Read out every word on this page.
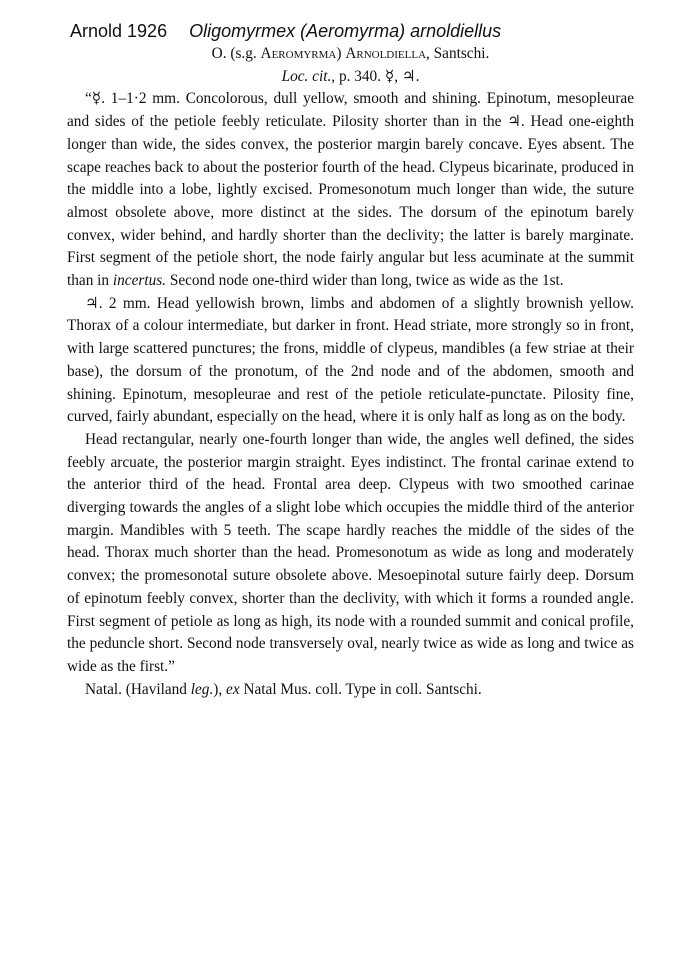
Arnold 1926 Oligomyrmex (Aeromyrma) arnoldiellus

O. (s.g. Aeromyrma) Arnoldiella, Santschi.

Loc. cit., p. 340. ☿, ♃.

“☿. 1–1·2 mm. Concolorous, dull yellow, smooth and shining. Epinotum, mesopleurae and sides of the petiole feebly reticulate. Pilosity shorter than in the ♃. Head one-eighth longer than wide, the sides convex, the posterior margin barely concave. Eyes absent. The scape reaches back to about the posterior fourth of the head. Clypeus bicarinate, produced in the middle into a lobe, lightly excised. Promesonotum much longer than wide, the suture almost obsolete above, more distinct at the sides. The dorsum of the epinotum barely convex, wider behind, and hardly shorter than the declivity; the latter is barely marginate. First segment of the petiole short, the node fairly angular but less acuminate at the summit than in incertus. Second node one-third wider than long, twice as wide as the 1st.

♃. 2 mm. Head yellowish brown, limbs and abdomen of a slightly brownish yellow. Thorax of a colour intermediate, but darker in front. Head striate, more strongly so in front, with large scattered punctures; the frons, middle of clypeus, mandibles (a few striae at their base), the dorsum of the pronotum, of the 2nd node and of the abdomen, smooth and shining. Epinotum, mesopleurae and rest of the petiole reticulate-punctate. Pilosity fine, curved, fairly abundant, especially on the head, where it is only half as long as on the body.

Head rectangular, nearly one-fourth longer than wide, the angles well defined, the sides feebly arcuate, the posterior margin straight. Eyes indistinct. The frontal carinae extend to the anterior third of the head. Frontal area deep. Clypeus with two smoothed carinae diverging towards the angles of a slight lobe which occupies the middle third of the anterior margin. Mandibles with 5 teeth. The scape hardly reaches the middle of the sides of the head. Thorax much shorter than the head. Promesonotum as wide as long and moderately convex; the promesonotal suture obsolete above. Mesoepinotal suture fairly deep. Dorsum of epinotum feebly convex, shorter than the declivity, with which it forms a rounded angle. First segment of petiole as long as high, its node with a rounded summit and conical profile, the peduncle short. Second node transversely oval, nearly twice as wide as long and twice as wide as the first.”

Natal. (Haviland leg.), ex Natal Mus. coll. Type in coll. Santschi.
